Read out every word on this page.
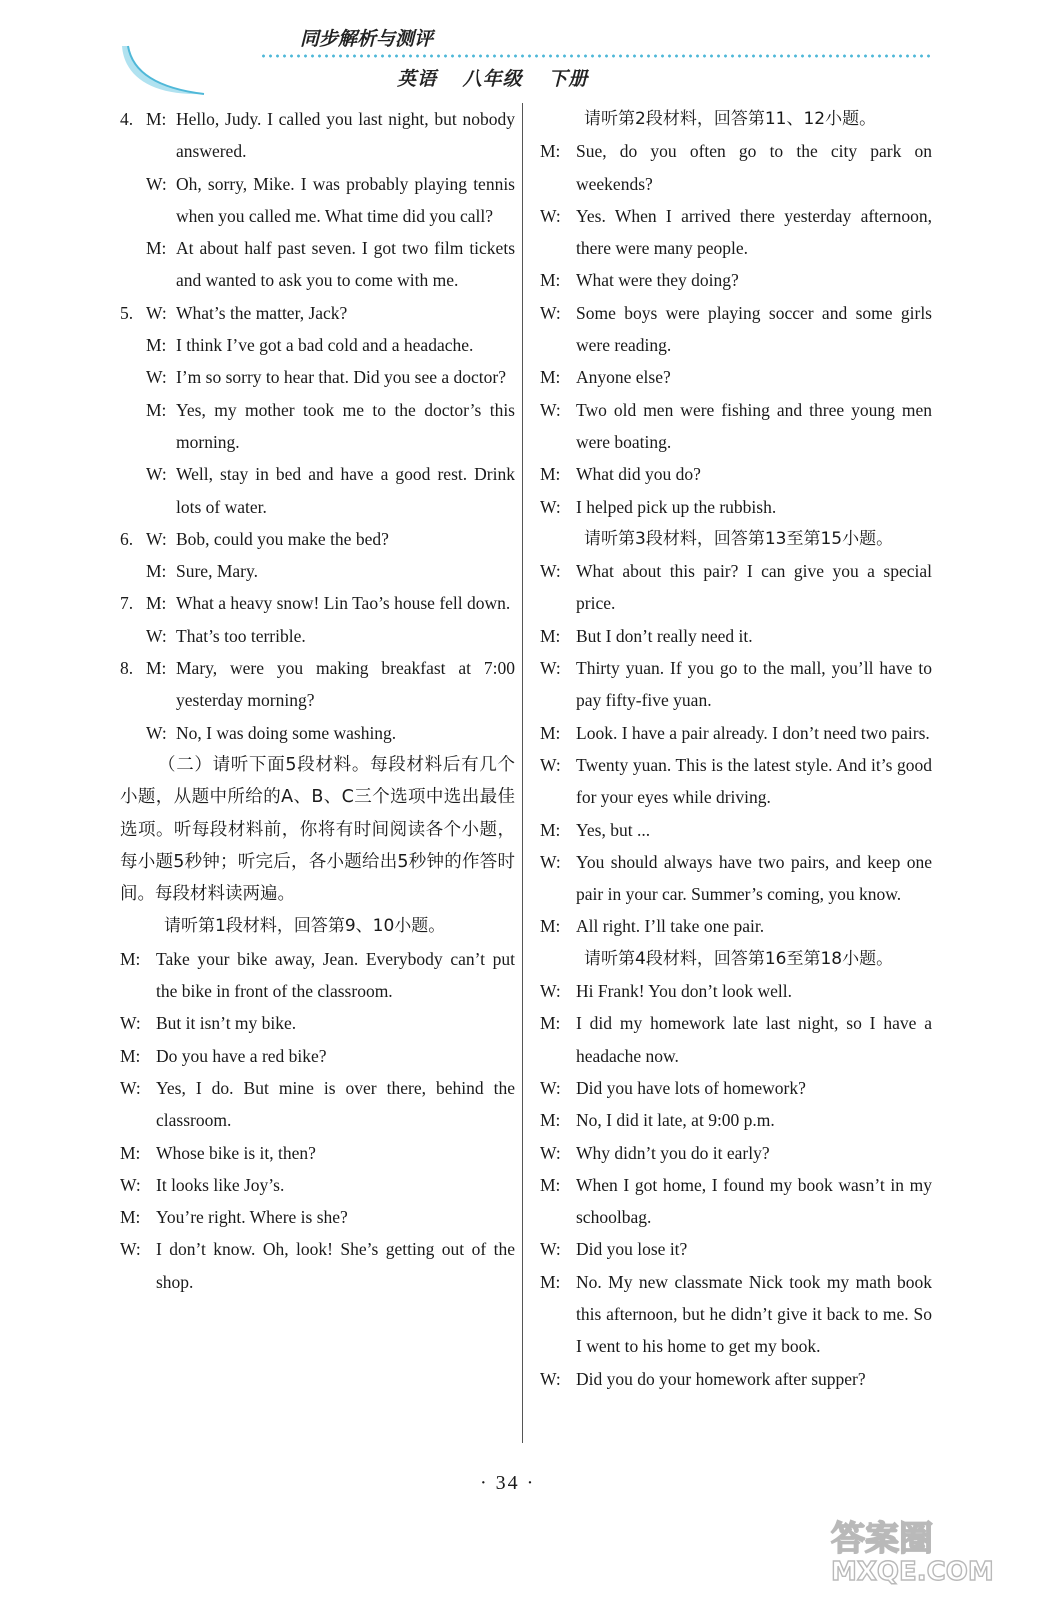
同步解析与测评
英语 八年级 下册
4. M: Hello, Judy. I called you last night, but nobody answered.
W: Oh, sorry, Mike. I was probably playing tennis when you called me. What time did you call?
M: At about half past seven. I got two film tickets and wanted to ask you to come with me.
5. W: What’s the matter, Jack?
M: I think I’ve got a bad cold and a headache.
W: I’m so sorry to hear that. Did you see a doctor?
M: Yes, my mother took me to the doctor’s this morning.
W: Well, stay in bed and have a good rest. Drink lots of water.
6. W: Bob, could you make the bed?
M: Sure, Mary.
7. M: What a heavy snow! Lin Tao’s house fell down.
W: That’s too terrible.
8. M: Mary, were you making breakfast at 7:00 yesterday morning?
W: No, I was doing some washing.
（二）请听下面5段材料。每段材料后有几个小题，从题中所给的A、B、C三个选项中选出最佳选项。听每段材料前，你将有时间阅读各个小题，每小题5秒钟；听完后，各小题给出5秒钟的作答时间。每段材料读两遍。
请听第1段材料，回答第9、10小题。
M: Take your bike away, Jean. Everybody can’t put the bike in front of the classroom.
W: But it isn’t my bike.
M: Do you have a red bike?
W: Yes, I do. But mine is over there, behind the classroom.
M: Whose bike is it, then?
W: It looks like Joy’s.
M: You’re right. Where is she?
W: I don’t know. Oh, look! She’s getting out of the shop.
请听第2段材料，回答第11、12小题。
M: Sue, do you often go to the city park on weekends?
W: Yes. When I arrived there yesterday afternoon, there were many people.
M: What were they doing?
W: Some boys were playing soccer and some girls were reading.
M: Anyone else?
W: Two old men were fishing and three young men were boating.
M: What did you do?
W: I helped pick up the rubbish.
请听第3段材料，回答第13至第15小题。
W: What about this pair? I can give you a special price.
M: But I don’t really need it.
W: Thirty yuan. If you go to the mall, you’ll have to pay fifty-five yuan.
M: Look. I have a pair already. I don’t need two pairs.
W: Twenty yuan. This is the latest style. And it’s good for your eyes while driving.
M: Yes, but ...
W: You should always have two pairs, and keep one pair in your car. Summer’s coming, you know.
M: All right. I’ll take one pair.
请听第4段材料，回答第16至第18小题。
W: Hi Frank! You don’t look well.
M: I did my homework late last night, so I have a headache now.
W: Did you have lots of homework?
M: No, I did it late, at 9:00 p.m.
W: Why didn’t you do it early?
M: When I got home, I found my book wasn’t in my schoolbag.
W: Did you lose it?
M: No. My new classmate Nick took my math book this afternoon, but he didn’t give it back to me. So I went to his home to get my book.
W: Did you do your homework after supper?
· 34 ·
答案圈
MXQE.COM
